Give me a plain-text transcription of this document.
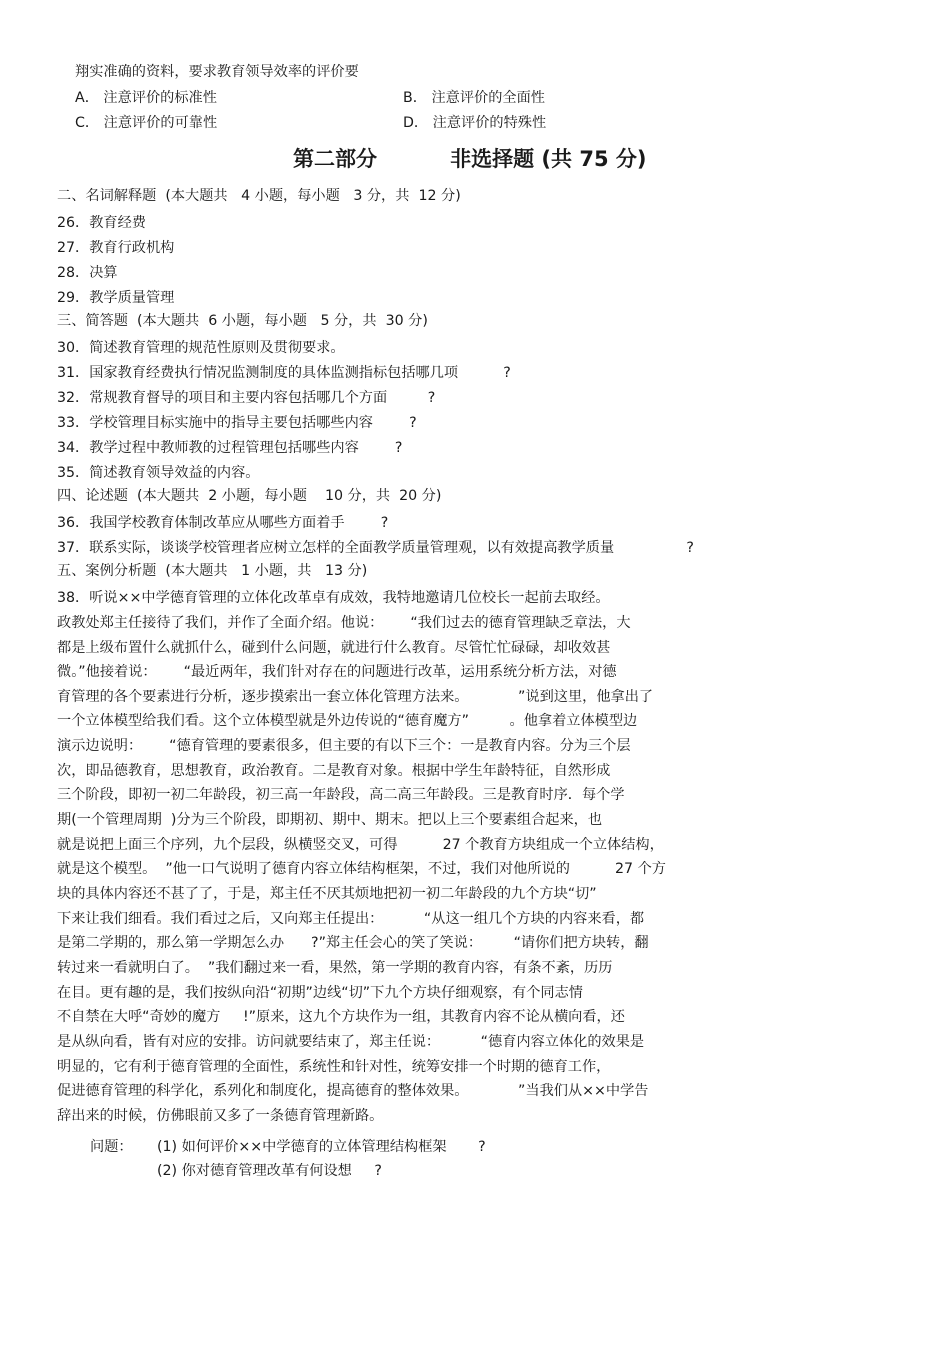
翔实准确的资料，要求教育领导效率的评价要
A． 注意评价的标准性	B． 注意评价的全面性
C． 注意评价的可靠性	D． 注意评价的特殊性
第二部分          非选择题 (共 75 分)
二、名词解释题  (本大题共   4 小题，每小题   3 分，共  12 分)
26．教育经费
27．教育行政机构
28．决算
29．教学质量管理
三、简答题  (本大题共  6 小题，每小题   5 分，共  30 分)
30．简述教育管理的规范性原则及贯彻要求。
31．国家教育经费执行情况监测制度的具体监测指标包括哪几项          ?
32．常规教育督导的项目和主要内容包括哪几个方面         ?
33．学校管理目标实施中的指导主要包括哪些内容        ?
34．教学过程中教师教的过程管理包括哪些内容        ?
35．简述教育领导效益的内容。
四、论述题  (本大题共  2 小题，每小题    10 分，共  20 分)
36．我国学校教育体制改革应从哪些方面着手        ?
37．联系实际，谈谈学校管理者应树立怎样的全面教学质量管理观，以有效提高教学质量                ?
五、案例分析题  (本大题共   1 小题，共   13 分)
38．听说××中学德育管理的立体化改革卓有成效，我特地邀请几位校长一起前去取经。
政教处郑主任接待了我们，并作了全面介绍。他说：      “我们过去的德育管理缺乏章法，大
都是上级布置什么就抓什么，碰到什么问题，就进行什么教育。尽管忙忙碌碌，却收效甚
微。”他接着说：      “最近两年，我们针对存在的问题进行改革，运用系统分析方法，对德
育管理的各个要素进行分析，逐步摸索出一套立体化管理方法来。           ”说到这里，他拿出了
一个立体模型给我们看。这个立体模型就是外边传说的“德育魔方”         。他拿着立体模型边
演示边说明：      “德育管理的要素很多，但主要的有以下三个：一是教育内容。分为三个层
次，即品德教育，思想教育，政治教育。二是教育对象。根据中学生年龄特征，自然形成
三个阶段，即初一初二年龄段，初三高一年龄段，高二高三年龄段。三是教育时序．每个学
期(一个管理周期  )分为三个阶段，即期初、期中、期末。把以上三个要素组合起来，也
就是说把上面三个序列，九个层段，纵横竖交叉，可得          27 个教育方块组成一个立体结构，
就是这个模型。  ”他一口气说明了德育内容立体结构框架，不过，我们对他所说的          27 个方
块的具体内容还不甚了了，于是，郑主任不厌其烦地把初一初二年龄段的九个方块“切”
下来让我们细看。我们看过之后，又向郑主任提出：         “从这一组几个方块的内容来看，都
是第二学期的，那么第一学期怎么办      ?”郑主任会心的笑了笑说：       “请你们把方块转，翻
转过来一看就明白了。  ”我们翻过来一看，果然，第一学期的教育内容，有条不紊，历历
在目。更有趣的是，我们按纵向沿“初期”边线“切”下九个方块仔细观察，有个同志情
不自禁在大呼“奇妙的魔方     !”原来，这九个方块作为一组，其教育内容不论从横向看，还
是从纵向看，皆有对应的安排。访问就要结束了，郑主任说：         “德育内容立体化的效果是
明显的，它有利于德育管理的全面性，系统性和针对性，统筹安排一个时期的德育工作，
促进德育管理的科学化，系列化和制度化，提高德育的整体效果。           ”当我们从××中学告
辞出来的时候，仿佛眼前又多了一条德育管理新路。
问题： (1) 如何评价××中学德育的立体管理结构框架       ?
(2) 你对德育管理改革有何设想     ?
